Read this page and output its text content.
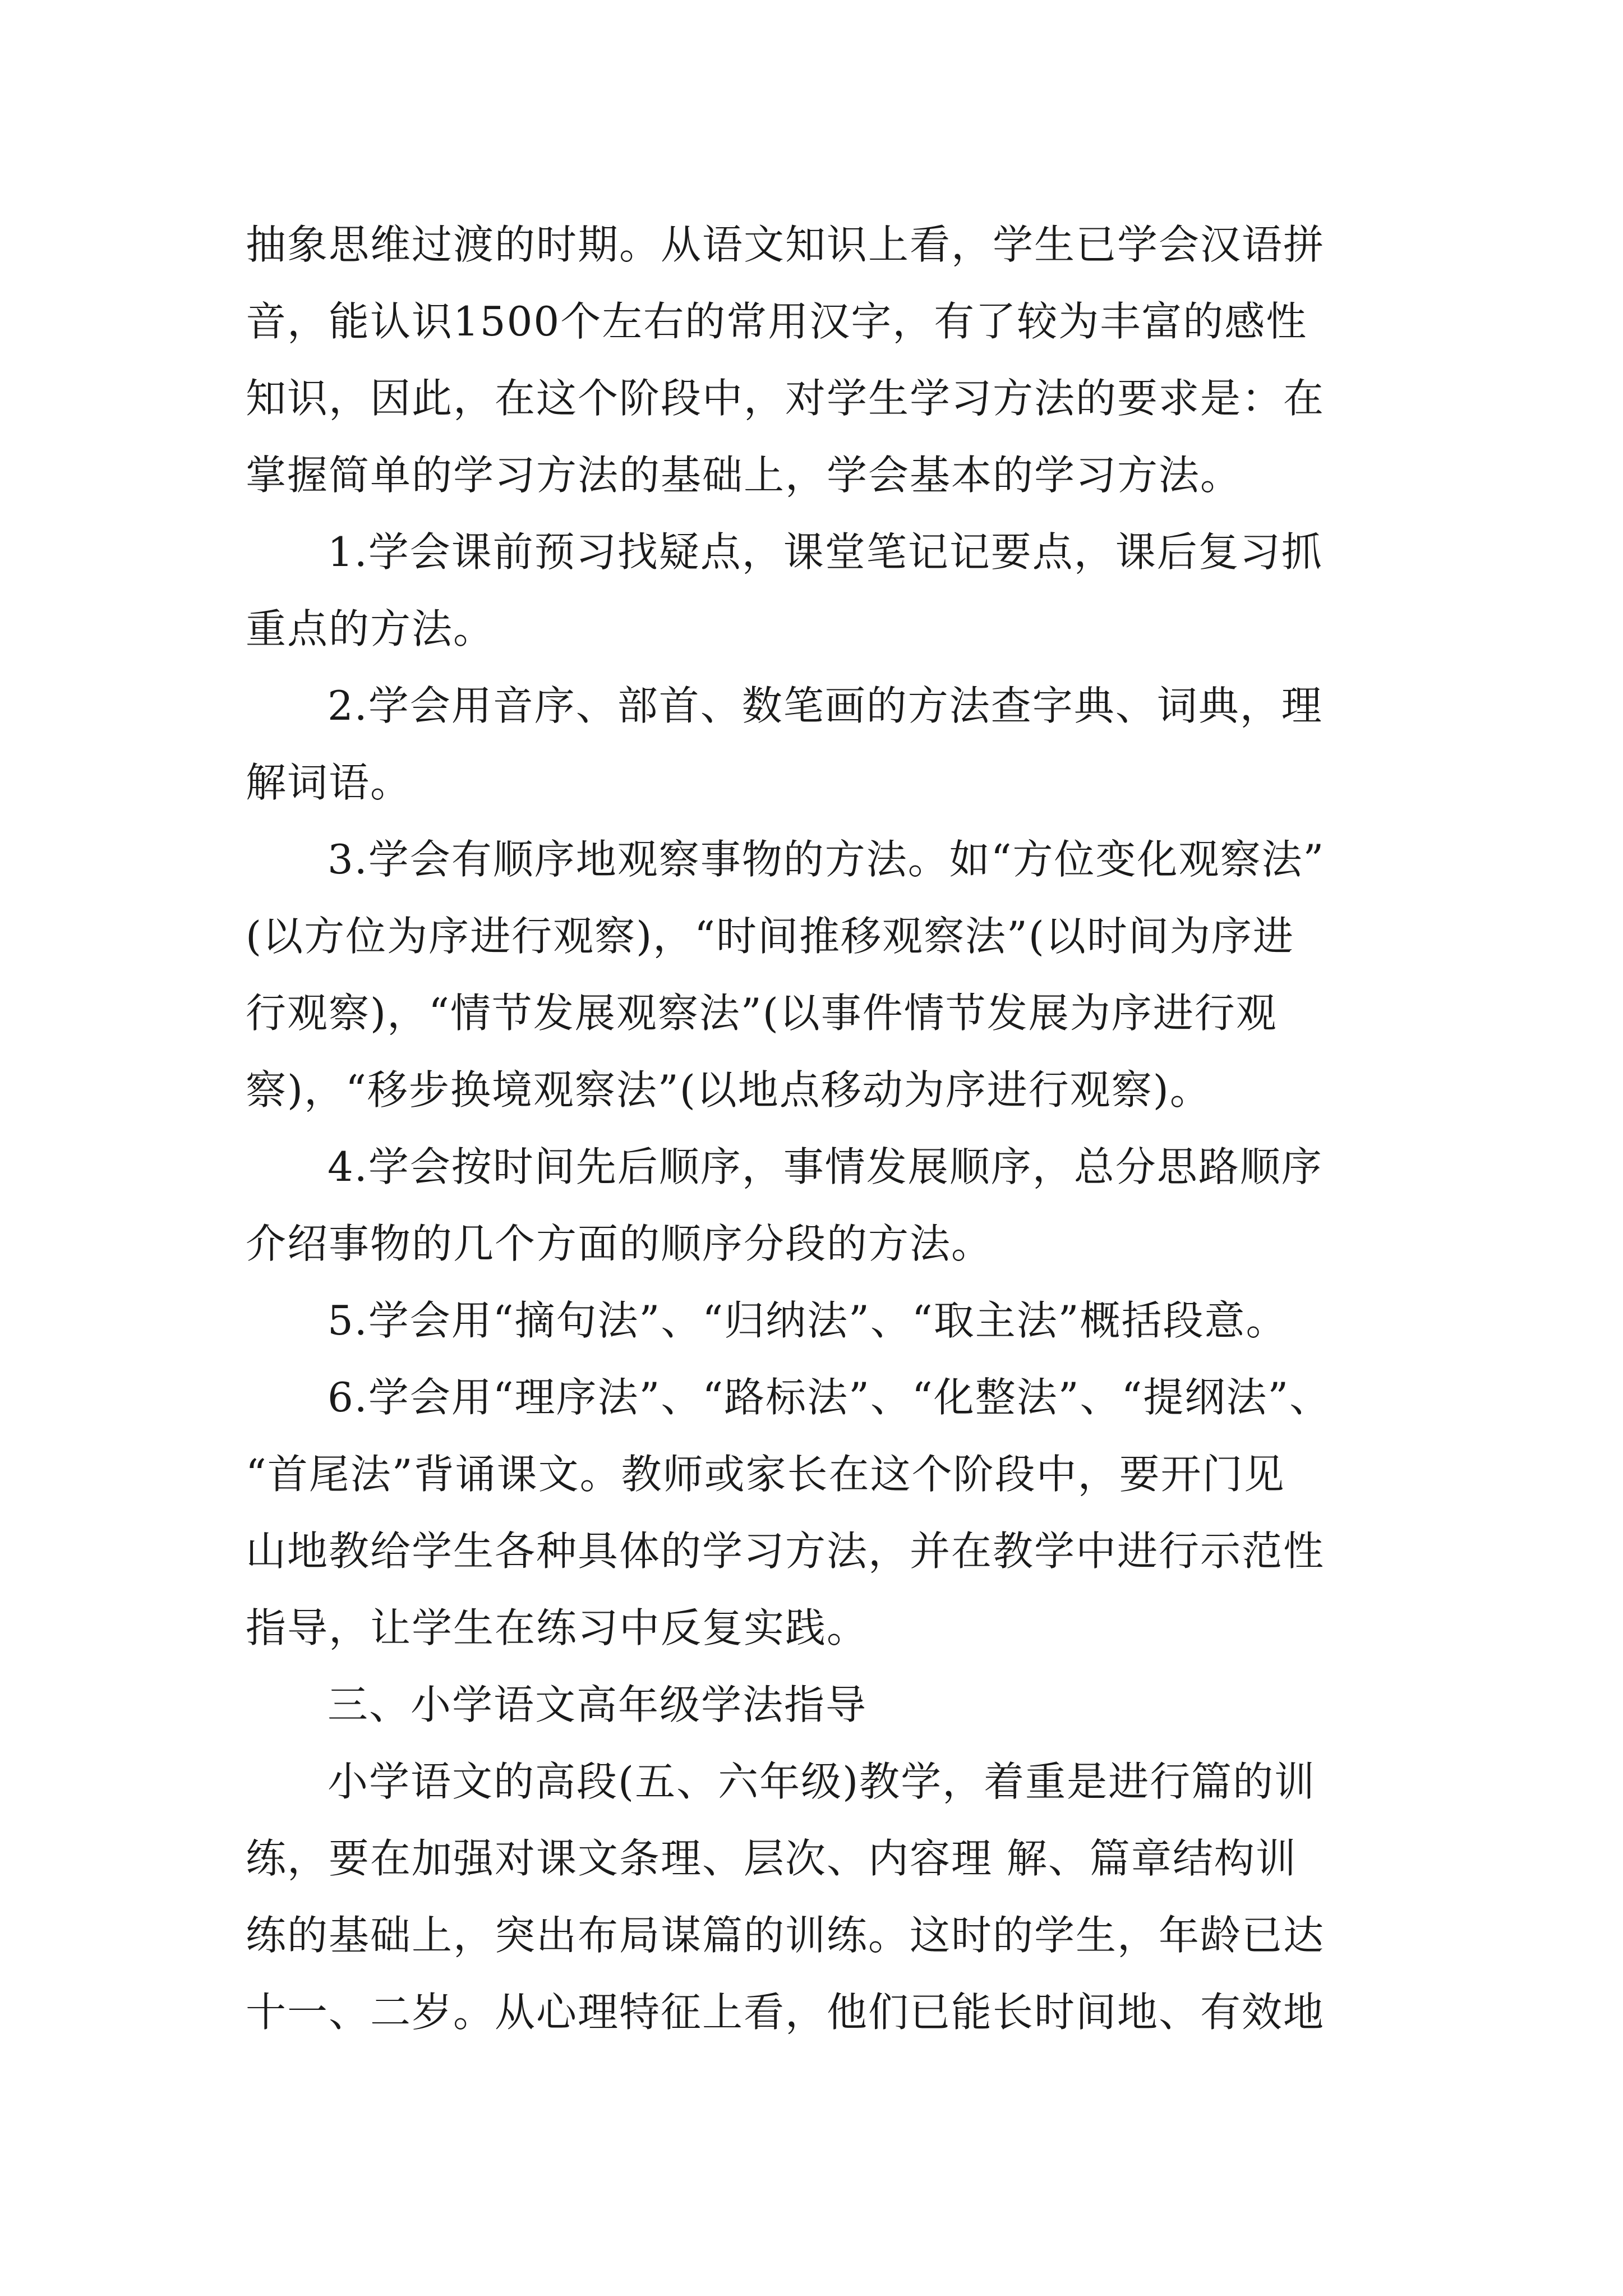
抽象思维过渡的时期。从语文知识上看，学生已学会汉语拼
音，能认识1500个左右的常用汉字，有了较为丰富的感性
知识，因此，在这个阶段中，对学生学习方法的要求是：在
掌握简单的学习方法的基础上，学会基本的学习方法。
1.学会课前预习找疑点，课堂笔记记要点，课后复习抓
重点的方法。
2.学会用音序、部首、数笔画的方法查字典、词典，理
解词语。
3.学会有顺序地观察事物的方法。如“方位变化观察法”
(以方位为序进行观察)，“时间推移观察法”(以时间为序进
行观察)，“情节发展观察法”(以事件情节发展为序进行观
察)，“移步换境观察法”(以地点移动为序进行观察)。
4.学会按时间先后顺序，事情发展顺序，总分思路顺序
介绍事物的几个方面的顺序分段的方法。
5.学会用“摘句法”、“归纳法”、“取主法”概括段意。
6.学会用“理序法”、“路标法”、“化整法”、“提纲法”、
“首尾法”背诵课文。教师或家长在这个阶段中，要开门见
山地教给学生各种具体的学习方法，并在教学中进行示范性
指导，让学生在练习中反复实践。
三、小学语文高年级学法指导
小学语文的高段(五、六年级)教学，着重是进行篇的训
练，要在加强对课文条理、层次、内容理 解、篇章结构训
练的基础上，突出布局谋篇的训练。这时的学生，年龄已达
十一、二岁。从心理特征上看，他们已能长时间地、有效地
